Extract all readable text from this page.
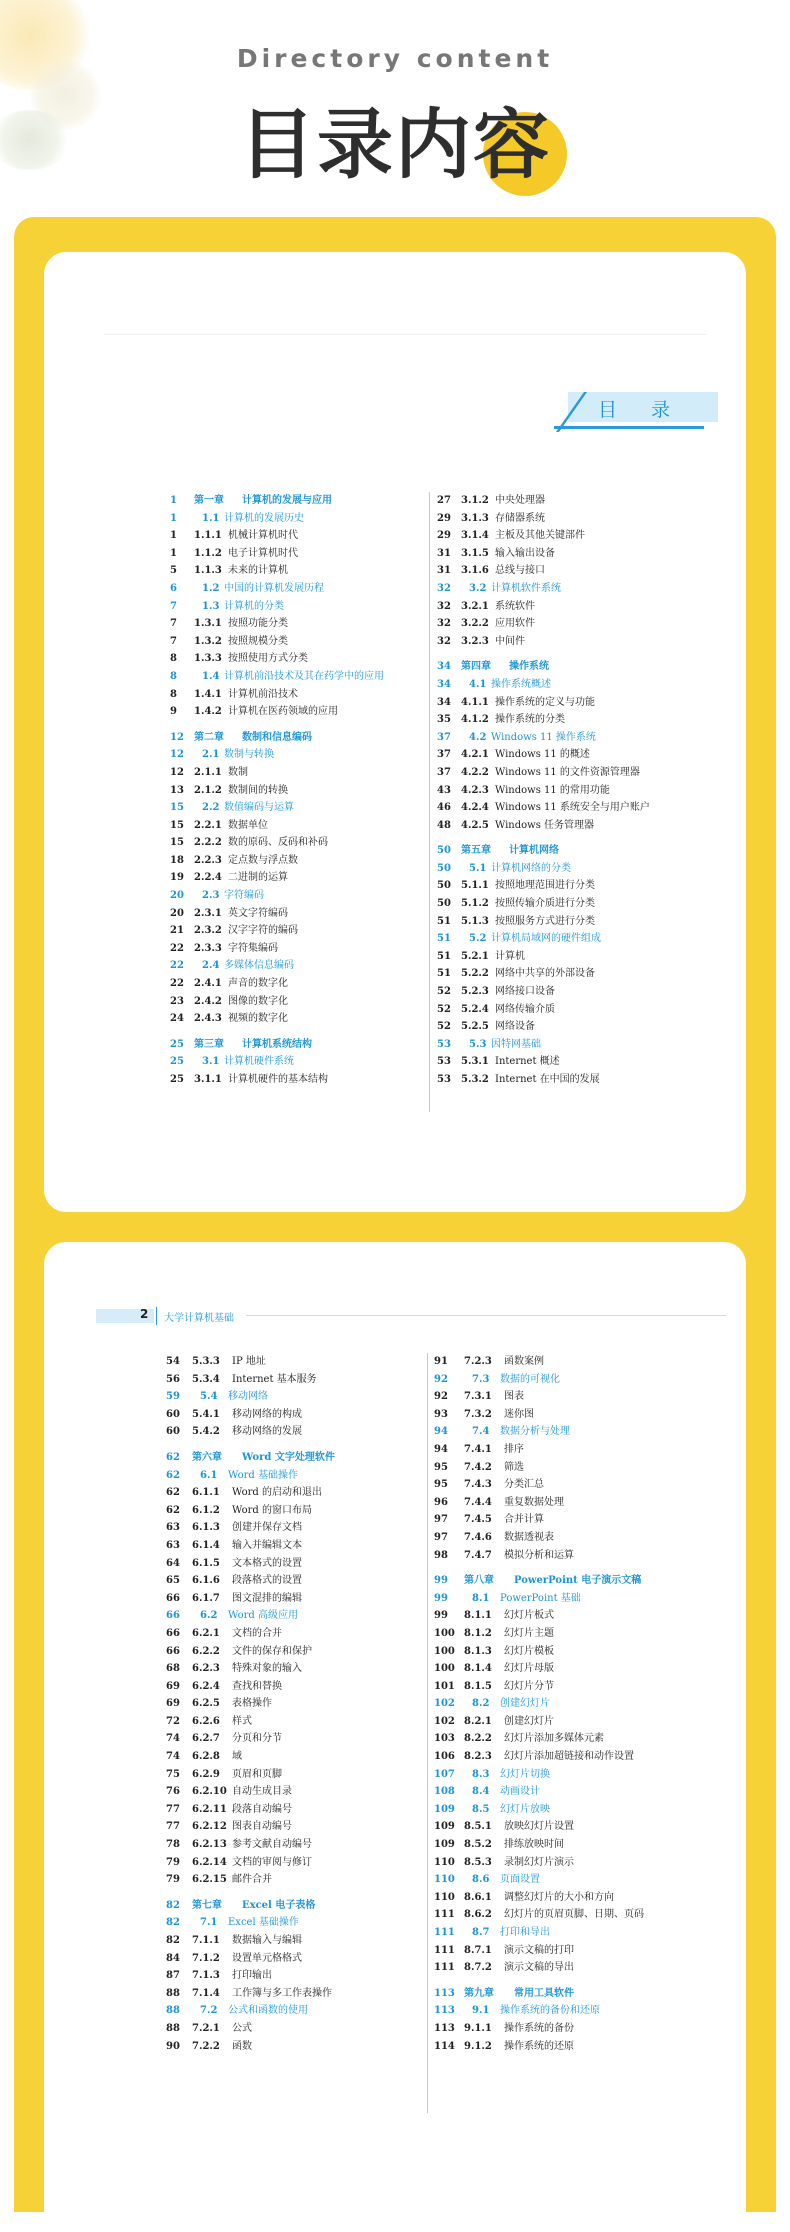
Directory content
目录内容
目 录
1 第一章 计算机的发展与应用
1	1.1 计算机的发展历史
1 1.1.1 机械计算机时代
1 1.1.2 电子计算机时代
5 1.1.3 未来的计算机
6	1.2 中国的计算机发展历程
7	1.3 计算机的分类
7 1.3.1 按照功能分类
7 1.3.2 按照规模分类
8 1.3.3 按照使用方式分类
8	1.4 计算机前沿技术及其在药学中的应用
8 1.4.1 计算机前沿技术
9 1.4.2 计算机在医药领域的应用
12 第二章 数制和信息编码
12 2.1 数制与转换
12 2.1.1 数制
13 2.1.2 数制间的转换
15 2.2 数值编码与运算
15 2.2.1 数据单位
15 2.2.2 数的原码、反码和补码
18 2.2.3 定点数与浮点数
19 2.2.4 二进制的运算
20 2.3 字符编码
20 2.3.1 英文字符编码
21 2.3.2 汉字字符的编码
22 2.3.3 字符集编码
22 2.4 多媒体信息编码
22 2.4.1 声音的数字化
23 2.4.2 图像的数字化
24 2.4.3 视频的数字化
25 第三章 计算机系统结构
25 3.1 计算机硬件系统
25 3.1.1 计算机硬件的基本结构
27 3.1.2 中央处理器
29 3.1.3 存储器系统
29 3.1.4 主板及其他关键部件
31 3.1.5 输入输出设备
31 3.1.6 总线与接口
32 3.2 计算机软件系统
32 3.2.1 系统软件
32 3.2.2 应用软件
32 3.2.3 中间件
34 第四章 操作系统
34 4.1 操作系统概述
34 4.1.1 操作系统的定义与功能
35 4.1.2 操作系统的分类
37 4.2 Windows 11 操作系统
37 4.2.1 Windows 11 的概述
37 4.2.2 Windows 11 的文件资源管理器
43 4.2.3 Windows 11 的常用功能
46 4.2.4 Windows 11 系统安全与用户账户
48 4.2.5 Windows 任务管理器
50 第五章 计算机网络
50 5.1 计算机网络的分类
50 5.1.1 按照地理范围进行分类
50 5.1.2 按照传输介质进行分类
51 5.1.3 按照服务方式进行分类
51 5.2 计算机局域网的硬件组成
51 5.2.1 计算机
51 5.2.2 网络中共享的外部设备
52 5.2.3 网络接口设备
52 5.2.4 网络传输介质
52 5.2.5 网络设备
53 5.3 因特网基础
53 5.3.1 Internet 概述
53 5.3.2 Internet 在中国的发展
2 大学计算机基础
54 5.3.3 IP 地址
56 5.3.4 Internet 基本服务
59 5.4 移动网络
60 5.4.1 移动网络的构成
60 5.4.2 移动网络的发展
62 第六章 Word 文字处理软件
62 6.1 Word 基础操作
62 6.1.1 Word 的启动和退出
62 6.1.2 Word 的窗口布局
63 6.1.3 创建并保存文档
63 6.1.4 输入并编辑文本
64 6.1.5 文本格式的设置
65 6.1.6 段落格式的设置
66 6.1.7 图文混排的编辑
66 6.2 Word 高级应用
66 6.2.1 文档的合并
66 6.2.2 文件的保存和保护
68 6.2.3 特殊对象的输入
69 6.2.4 查找和替换
69 6.2.5 表格操作
72 6.2.6 样式
74 6.2.7 分页和分节
74 6.2.8 域
75 6.2.9 页眉和页脚
76 6.2.10 自动生成目录
77 6.2.11 段落自动编号
77 6.2.12 图表自动编号
78 6.2.13 参考文献自动编号
79 6.2.14 文档的审阅与修订
79 6.2.15 邮件合并
82 第七章 Excel 电子表格
82 7.1 Excel 基础操作
82 7.1.1 数据输入与编辑
84 7.1.2 设置单元格格式
87 7.1.3 打印输出
88 7.1.4 工作簿与多工作表操作
88 7.2 公式和函数的使用
88 7.2.1 公式
90 7.2.2 函数
91 7.2.3 函数案例
92 7.3 数据的可视化
92 7.3.1 图表
93 7.3.2 迷你图
94 7.4 数据分析与处理
94 7.4.1 排序
95 7.4.2 筛选
95 7.4.3 分类汇总
96 7.4.4 重复数据处理
97 7.4.5 合并计算
97 7.4.6 数据透视表
98 7.4.7 模拟分析和运算
99 第八章 PowerPoint 电子演示文稿
99 8.1 PowerPoint 基础
99 8.1.1 幻灯片板式
100 8.1.2 幻灯片主题
100 8.1.3 幻灯片模板
100 8.1.4 幻灯片母版
101 8.1.5 幻灯片分节
102 8.2 创建幻灯片
102 8.2.1 创建幻灯片
103 8.2.2 幻灯片添加多媒体元素
106 8.2.3 幻灯片添加超链接和动作设置
107 8.3 幻灯片切换
108 8.4 动画设计
109 8.5 幻灯片放映
109 8.5.1 放映幻灯片设置
109 8.5.2 排练放映时间
110 8.5.3 录制幻灯片演示
110 8.6 页面设置
110 8.6.1 调整幻灯片的大小和方向
111 8.6.2 幻灯片的页眉页脚、日期、页码
111 8.7 打印和导出
111 8.7.1 演示文稿的打印
111 8.7.2 演示文稿的导出
113 第九章 常用工具软件
113 9.1 操作系统的备份和还原
113 9.1.1 操作系统的备份
114 9.1.2 操作系统的还原
